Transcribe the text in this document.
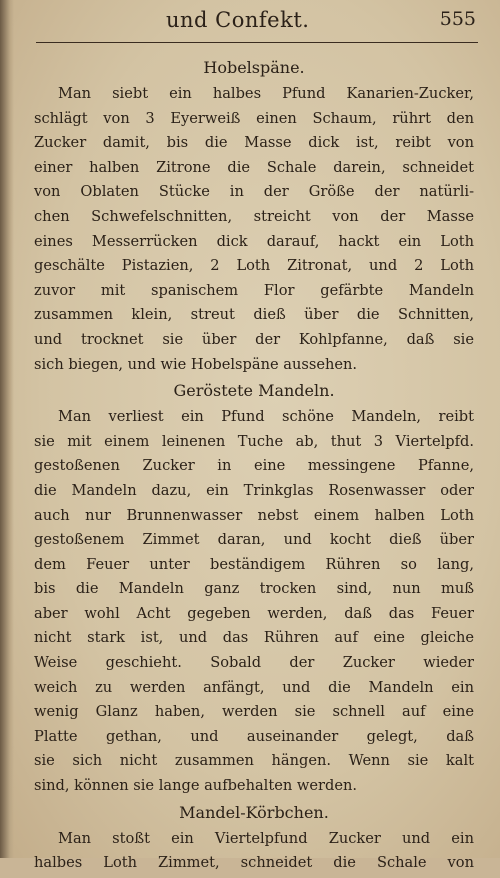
und Confekt.	555
Hobelspäne.
Man siebt ein halbes Pfund Kanarien-Zucker,
schlägt von 3 Eyerweiß einen Schaum, rührt den
Zucker damit, bis die Masse dick ist, reibt von
einer halben Zitrone die Schale darein, schneidet
von Oblaten Stücke in der Größe der natürli-
chen Schwefelschnitten, streicht von der Masse
eines Messerrücken dick darauf, hackt ein Loth
geschälte Pistazien, 2 Loth Zitronat, und 2 Loth
zuvor mit spanischem Flor gefärbte Mandeln
zusammen klein, streut dieß über die Schnitten,
und trocknet sie über der Kohlpfanne, daß sie
sich biegen, und wie Hobelspäne aussehen.
Geröstete Mandeln.
Man verliest ein Pfund schöne Mandeln, reibt
sie mit einem leinenen Tuche ab, thut 3 Viertelpfd.
gestoßenen Zucker in eine messingene Pfanne,
die Mandeln dazu, ein Trinkglas Rosenwasser oder
auch nur Brunnenwasser nebst einem halben Loth
gestoßenem Zimmet daran, und kocht dieß über
dem Feuer unter beständigem Rühren so lang,
bis die Mandeln ganz trocken sind, nun muß
aber wohl Acht gegeben werden, daß das Feuer
nicht stark ist, und das Rühren auf eine gleiche
Weise geschieht. Sobald der Zucker wieder
weich zu werden anfängt, und die Mandeln ein
wenig Glanz haben, werden sie schnell auf eine
Platte gethan, und auseinander gelegt, daß
sie sich nicht zusammen hängen. Wenn sie kalt
sind, können sie lange aufbehalten werden.
Mandel-Körbchen.
Man stoßt ein Viertelpfund Zucker und ein
halbes Loth Zimmet, schneidet die Schale von
